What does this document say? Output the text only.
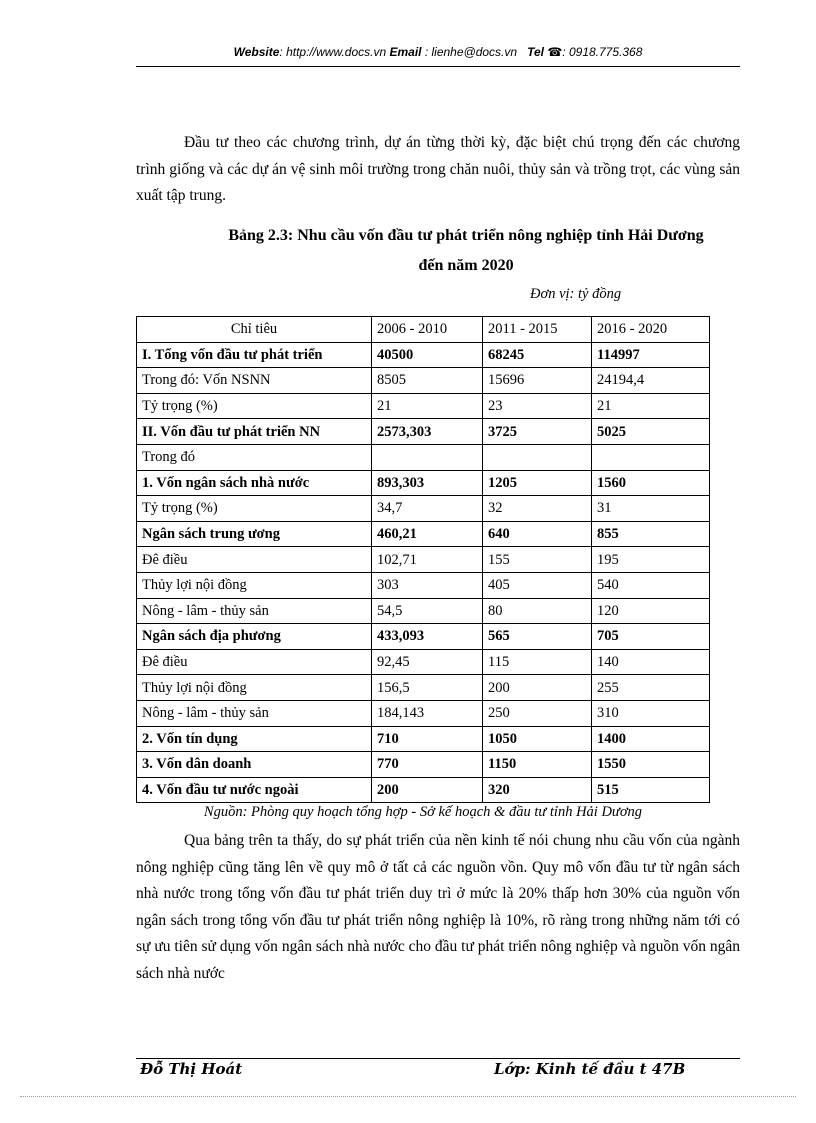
Website: http://www.docs.vn Email : lienhe@docs.vn Tel ☎: 0918.775.368

Đầu tư theo các chương trình, dự án từng thời kỳ, đặc biệt chú trọng đến các chương trình giống và các dự án vệ sinh môi trường trong chăn nuôi, thủy sản và trồng trọt, các vùng sản xuất tập trung.

Bảng 2.3: Nhu cầu vốn đầu tư phát triển nông nghiệp tỉnh Hải Dương
đến năm 2020

Đơn vị: tỷ đồng
Chỉ tiêu	2006 - 2010	2011 - 2015	2016 - 2020
I. Tổng vốn đầu tư phát triển	40500	68245	114997
Trong đó: Vốn NSNN	8505	15696	24194,4
Tỷ trọng (%)	21	23	21
II. Vốn đầu tư phát triển NN	2573,303	3725	5025
Trong đó			
1. Vốn ngân sách nhà nước	893,303	1205	1560
Tỷ trọng (%)	34,7	32	31
Ngân sách trung ương	460,21	640	855
Đê điều	102,71	155	195
Thủy lợi nội đồng	303	405	540
Nông - lâm - thủy sản	54,5	80	120
Ngân sách địa phương	433,093	565	705
Đê điều	92,45	115	140
Thủy lợi nội đồng	156,5	200	255
Nông - lâm - thủy sản	184,143	250	310
2. Vốn tín dụng	710	1050	1400
3. Vốn dân doanh	770	1150	1550
4. Vốn đầu tư nước ngoài	200	320	515
Nguồn: Phòng quy hoạch tổng hợp - Sở kế hoạch & đầu tư tỉnh Hải Dương

Qua bảng trên ta thấy, do sự phát triển của nền kinh tế nói chung nhu cầu vốn của ngành nông nghiệp cũng tăng lên về quy mô ở tất cả các nguồn vồn. Quy mô vốn đầu tư từ ngân sách nhà nước trong tổng vốn đầu tư phát triển duy trì ở mức là 20% thấp hơn 30% của nguồn vốn ngân sách trong tổng vốn đầu tư phát triển nông nghiệp là 10%, rõ ràng trong những năm tới có sự ưu tiên sử dụng vốn ngân sách nhà nước cho đầu tư phát triển nông nghiệp và nguồn vốn ngân sách nhà nước

Đỗ Thị Hoát	Lớp: Kinh tế đầu t 47B
